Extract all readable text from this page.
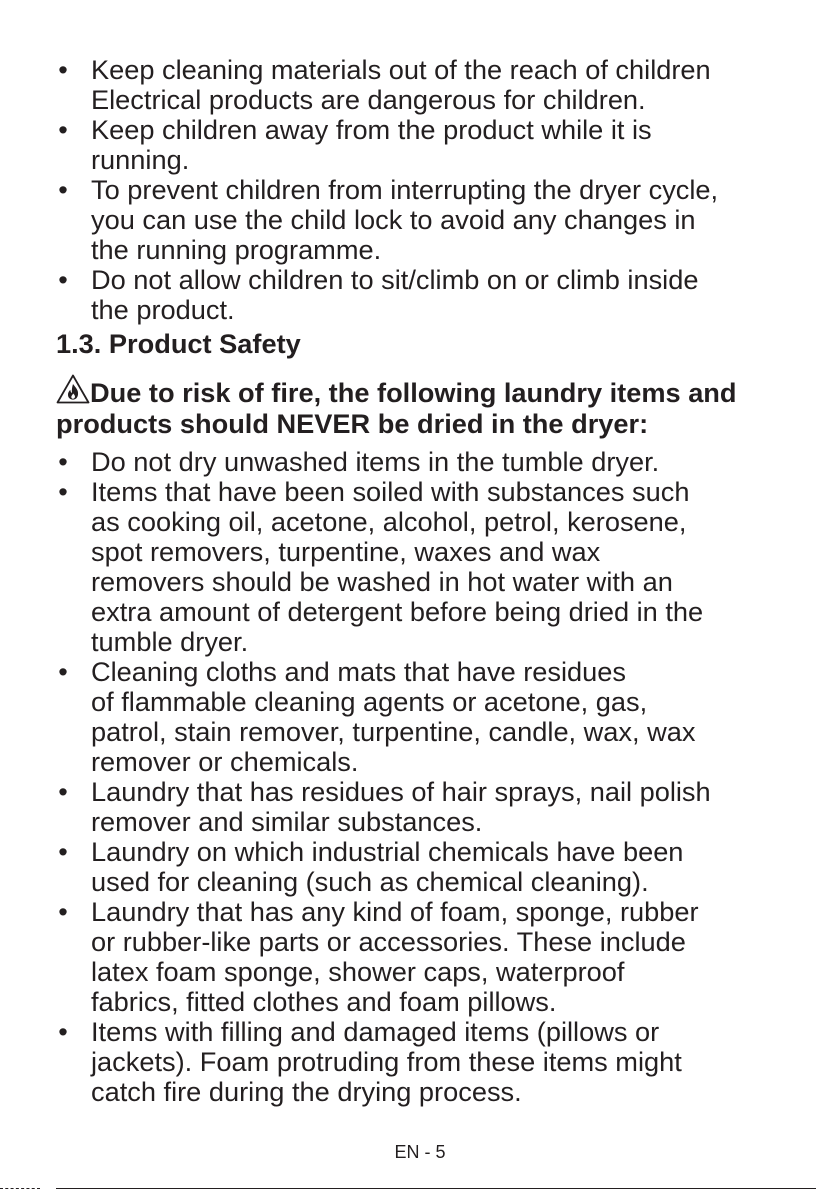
• Keep cleaning materials out of the reach of children
Electrical products are dangerous for children.
• Keep children away from the product while it is
running.
• To prevent children from interrupting the dryer cycle,
you can use the child lock to avoid any changes in
the running programme.
• Do not allow children to sit/climb on or climb inside
the product.
1.3. Product Safety

Due to risk of fire, the following laundry items and products should NEVER be dried in the dryer:

• Do not dry unwashed items in the tumble dryer.
• Items that have been soiled with substances such
as cooking oil, acetone, alcohol, petrol, kerosene,
spot removers, turpentine, waxes and wax
removers should be washed in hot water with an
extra amount of detergent before being dried in the
tumble dryer.
• Cleaning cloths and mats that have residues
of flammable cleaning agents or acetone, gas,
patrol, stain remover, turpentine, candle, wax, wax
remover or chemicals.
• Laundry that has residues of hair sprays, nail polish
remover and similar substances.
• Laundry on which industrial chemicals have been
used for cleaning (such as chemical cleaning).
• Laundry that has any kind of foam, sponge, rubber
or rubber-like parts or accessories. These include
latex foam sponge, shower caps, waterproof
fabrics, fitted clothes and foam pillows.
• Items with filling and damaged items (pillows or
jackets). Foam protruding from these items might
catch fire during the drying process.
EN - 5
